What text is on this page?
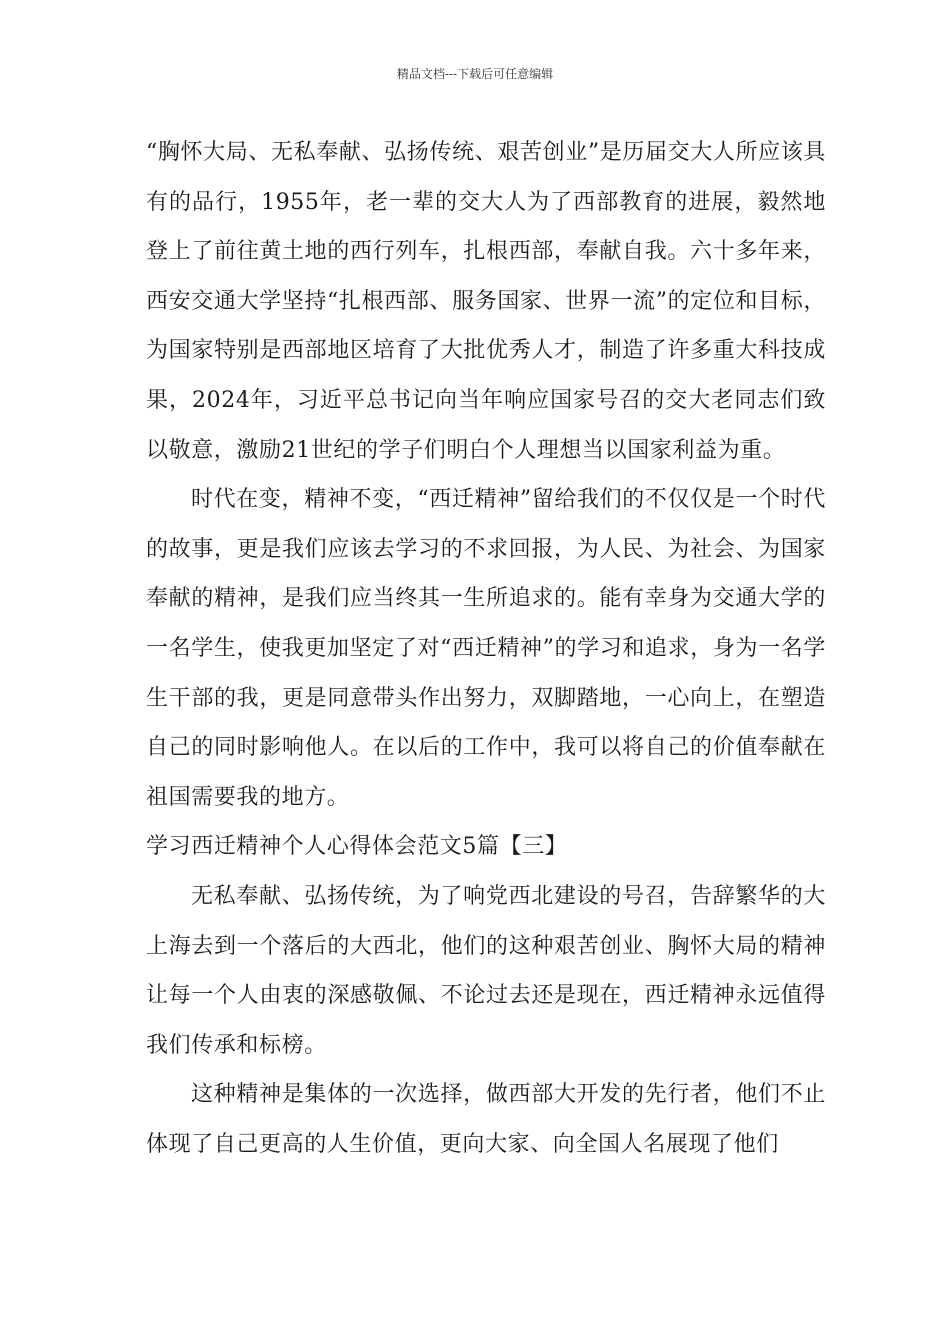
精品文档---下载后可任意编辑

“胸怀大局、无私奉献、弘扬传统、艰苦创业”是历届交大人所应该具有的品行，1955年，老一辈的交大人为了西部教育的进展，毅然地登上了前往黄土地的西行列车，扎根西部，奉献自我。六十多年来，西安交通大学坚持“扎根西部、服务国家、世界一流”的定位和目标，为国家特别是西部地区培育了大批优秀人才，制造了许多重大科技成果，2024年，习近平总书记向当年响应国家号召的交大老同志们致以敬意，激励21世纪的学子们明白个人理想当以国家利益为重。

时代在变，精神不变，“西迁精神”留给我们的不仅仅是一个时代的故事，更是我们应该去学习的不求回报，为人民、为社会、为国家奉献的精神，是我们应当终其一生所追求的。能有幸身为交通大学的一名学生，使我更加坚定了对“西迁精神”的学习和追求，身为一名学生干部的我，更是同意带头作出努力，双脚踏地，一心向上，在塑造自己的同时影响他人。在以后的工作中，我可以将自己的价值奉献在祖国需要我的地方。

学习西迁精神个人心得体会范文5篇【三】

无私奉献、弘扬传统，为了响党西北建设的号召，告辞繁华的大上海去到一个落后的大西北，他们的这种艰苦创业、胸怀大局的精神让每一个人由衷的深感敬佩、不论过去还是现在，西迁精神永远值得我们传承和标榜。

这种精神是集体的一次选择，做西部大开发的先行者，他们不止体现了自己更高的人生价值，更向大家、向全国人名展现了他们
